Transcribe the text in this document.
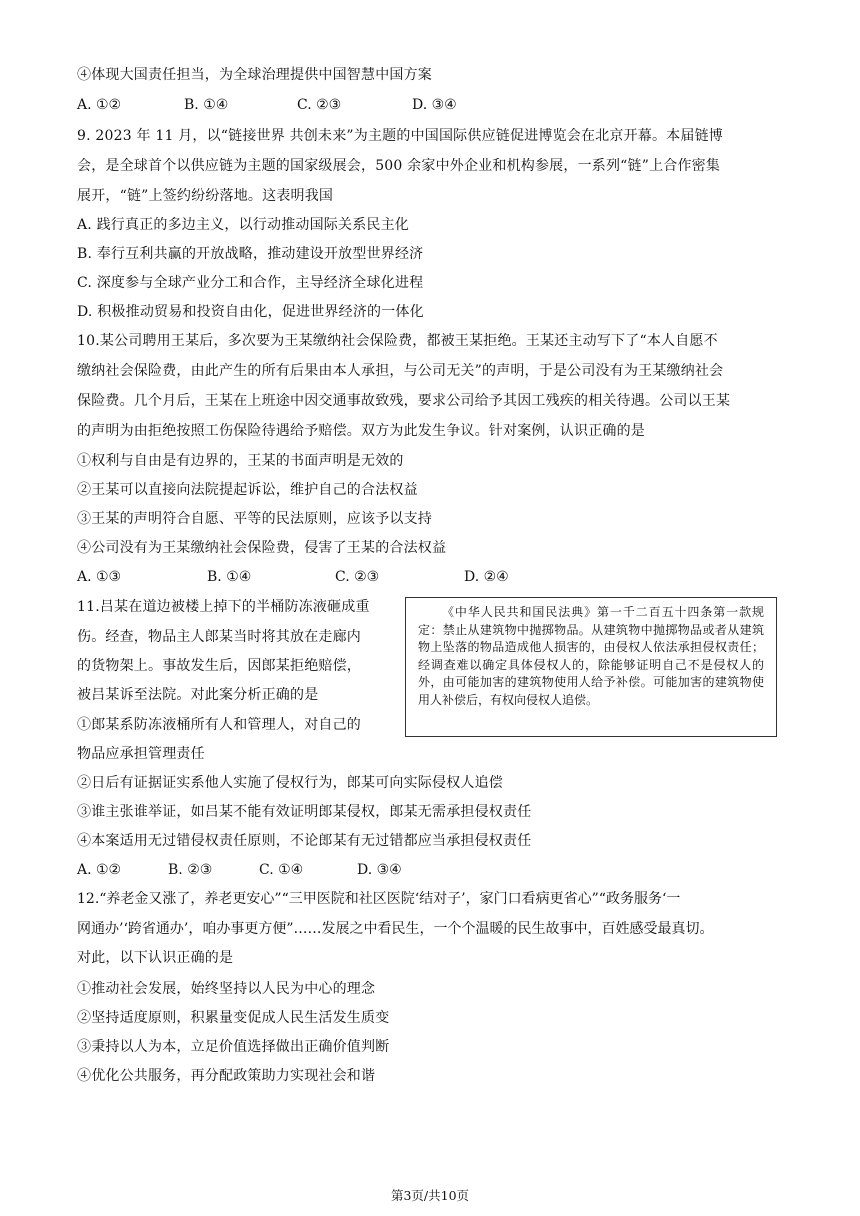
④体现大国责任担当，为全球治理提供中国智慧中国方案
A. ①②	B. ①④	C. ②③	D. ③④
9. 2023 年 11 月，以“链接世界 共创未来”为主题的中国国际供应链促进博览会在北京开幕。本届链博
会，是全球首个以供应链为主题的国家级展会，500 余家中外企业和机构参展，一系列“链”上合作密集
展开，“链”上签约纷纷落地。这表明我国
A. 践行真正的多边主义，以行动推动国际关系民主化
B. 奉行互利共赢的开放战略，推动建设开放型世界经济
C. 深度参与全球产业分工和合作，主导经济全球化进程
D. 积极推动贸易和投资自由化，促进世界经济的一体化
10.某公司聘用王某后，多次要为王某缴纳社会保险费，都被王某拒绝。王某还主动写下了“本人自愿不
缴纳社会保险费，由此产生的所有后果由本人承担，与公司无关”的声明，于是公司没有为王某缴纳社会
保险费。几个月后，王某在上班途中因交通事故致残，要求公司给予其因工残疾的相关待遇。公司以王某
的声明为由拒绝按照工伤保险待遇给予赔偿。双方为此发生争议。针对案例，认识正确的是
①权利与自由是有边界的，王某的书面声明是无效的
②王某可以直接向法院提起诉讼，维护自己的合法权益
③王某的声明符合自愿、平等的民法原则，应该予以支持
④公司没有为王某缴纳社会保险费，侵害了王某的合法权益
A. ①③	B. ①④	C. ②③	D. ②④
11.吕某在道边被楼上掉下的半桶防冻液砸成重
伤。经查，物品主人郎某当时将其放在走廊内
的货物架上。事故发生后，因郎某拒绝赔偿，
被吕某诉至法院。对此案分析正确的是
①郎某系防冻液桶所有人和管理人，对自己的
物品应承担管理责任
②日后有证据证实系他人实施了侵权行为，郎某可向实际侵权人追偿
③谁主张谁举证，如吕某不能有效证明郎某侵权，郎某无需承担侵权责任
④本案适用无过错侵权责任原则，不论郎某有无过错都应当承担侵权责任

《中华人民共和国民法典》第一千二百五十四条第一款规定：禁止从建筑物中抛掷物品。从建筑物中抛掷物品或者从建筑物上坠落的物品造成他人损害的，由侵权人依法承担侵权责任；经调查难以确定具体侵权人的，除能够证明自己不是侵权人的外，由可能加害的建筑物使用人给予补偿。可能加害的建筑物使用人补偿后，有权向侵权人追偿。

A. ①②	B. ②③	C. ①④	D. ③④
12.“养老金又涨了，养老更安心”“三甲医院和社区医院‘结对子’，家门口看病更省心”“政务服务‘一
网通办’‘跨省通办’，咱办事更方便”……发展之中看民生，一个个温暖的民生故事中，百姓感受最真切。
对此，以下认识正确的是
①推动社会发展，始终坚持以人民为中心的理念
②坚持适度原则，积累量变促成人民生活发生质变
③秉持以人为本，立足价值选择做出正确价值判断
④优化公共服务，再分配政策助力实现社会和谐
第3页/共10页
